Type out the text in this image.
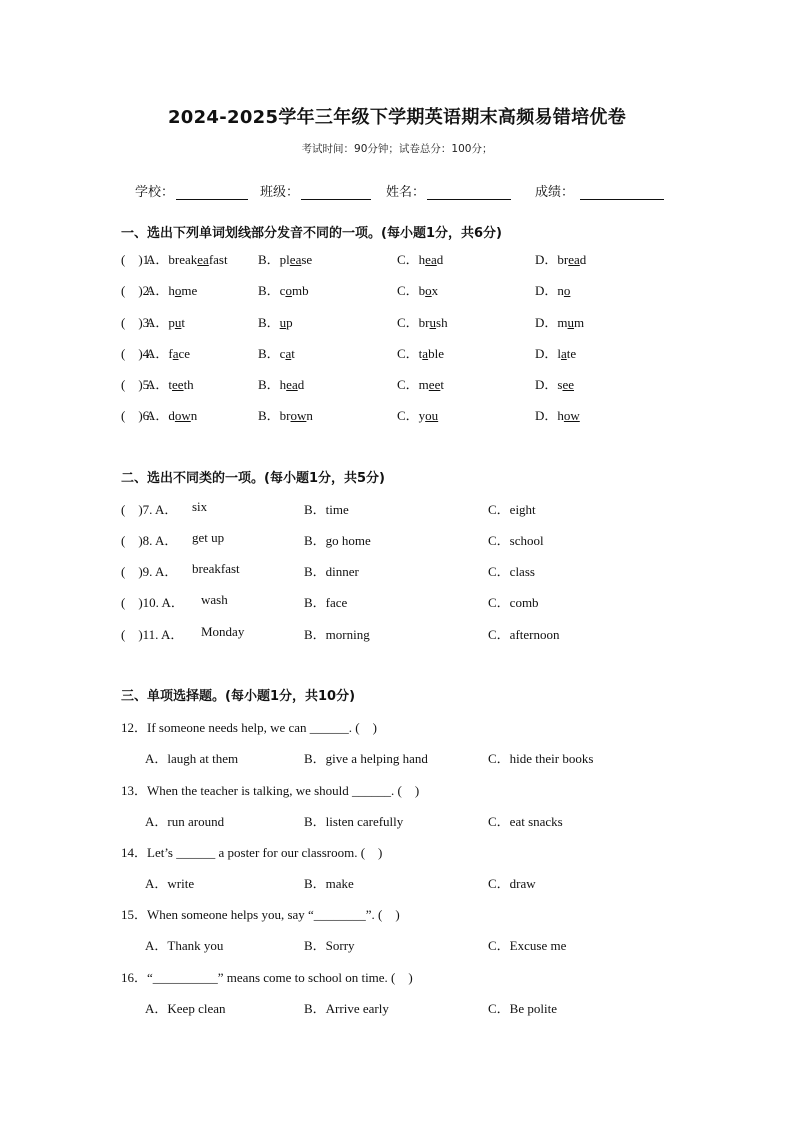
2024-2025学年三年级下学期英语期末高频易错培优卷
考试时间：90分钟；试卷总分：100分；
学校：	班级：	姓名：	成绩：
一、选出下列单词划线部分发音不同的一项。(每小题1分，共6分)
(　)1.
A．breakeafast B．please	C．head	D．bread
(　)2.
A．home	B．comb	C．box	D．no
(　)3.
A．put	B．up	C．brush	D．mum
(　)4.
A．face	B．cat	C．table	D．late
(　)5.
A．teeth	B．head	C．meet	D．see
(　)6.
A．down	B．brown	C．you	D．how
二、选出不同类的一项。(每小题1分，共5分)
(　)7. A． six	B．time	C．eight
(　)8. A． get up	B．go home	C．school
(　)9. A． breakfast	B．dinner	C．class
(　)10. A． wash	B．face	C．comb
(　)11. A． Monday	B．morning	C．afternoon
三、单项选择题。(每小题1分，共10分)
12．If someone needs help, we can ______. (　)
A．laugh at them	B．give a helping hand	C．hide their books
13．When the teacher is talking, we should ______. (　)
A．run around	B．listen carefully	C．eat snacks
14．Let’s ______ a poster for our classroom. (　)
A．write	B．make	C．draw
15．When someone helps you, say “________”. (　)
A．Thank you	B．Sorry	C．Excuse me
16．“__________” means come to school on time. (　)
A．Keep clean	B．Arrive early	C．Be polite
